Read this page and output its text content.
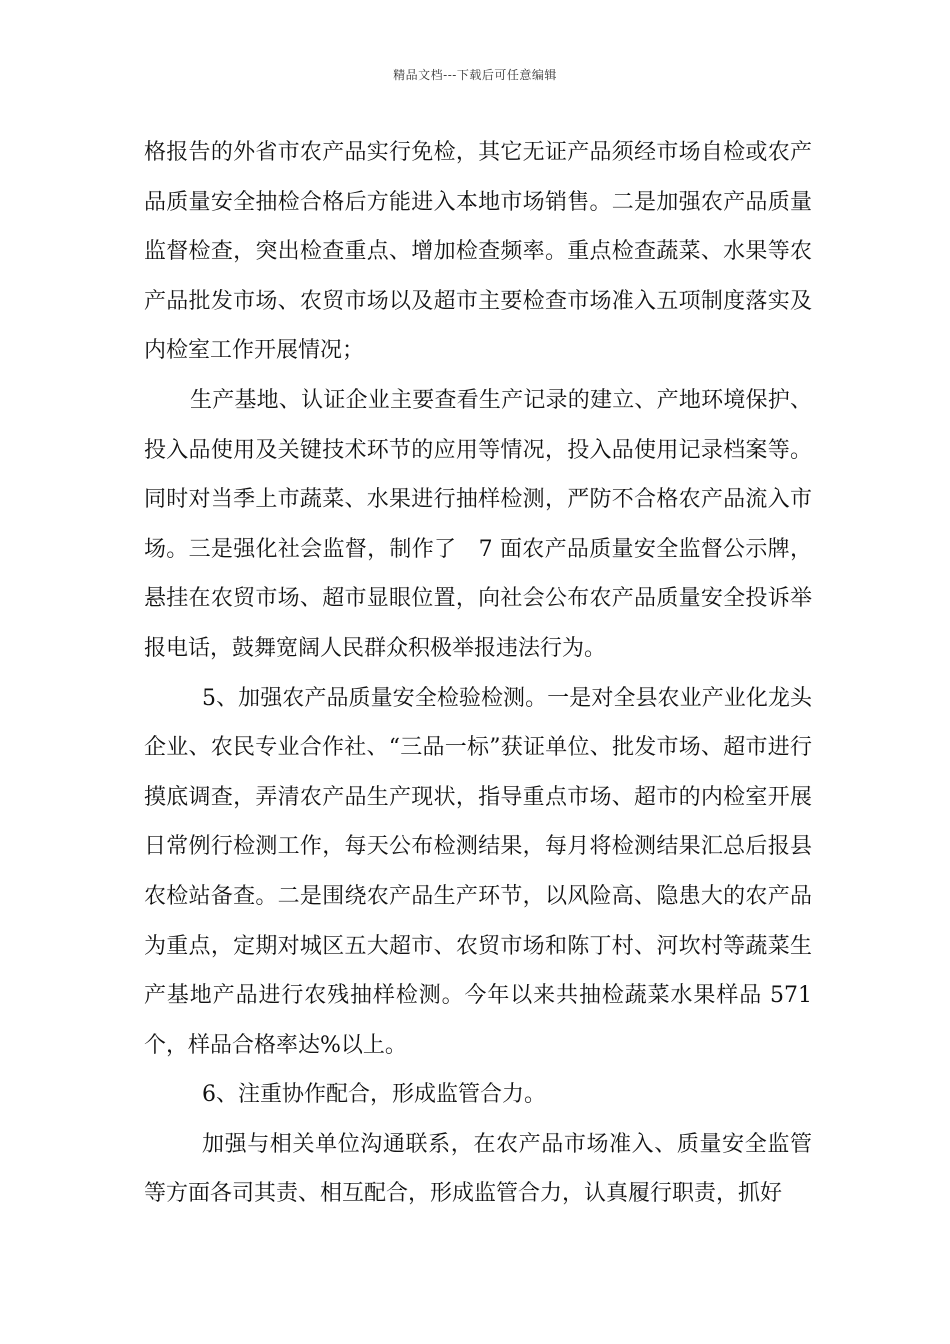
精品文档---下载后可任意编辑

格报告的外省市农产品实行免检，其它无证产品须经市场自检或农产品质量安全抽检合格后方能进入本地市场销售。二是加强农产品质量监督检查，突出检查重点、增加检查频率。重点检查蔬菜、水果等农产品批发市场、农贸市场以及超市主要检查市场准入五项制度落实及内检室工作开展情况；

生产基地、认证企业主要查看生产记录的建立、产地环境保护、投入品使用及关键技术环节的应用等情况，投入品使用记录档案等。同时对当季上市蔬菜、水果进行抽样检测，严防不合格农产品流入市场。三是强化社会监督，制作了　7 面农产品质量安全监督公示牌，悬挂在农贸市场、超市显眼位置，向社会公布农产品质量安全投诉举报电话，鼓舞宽阔人民群众积极举报违法行为。

5、加强农产品质量安全检验检测。一是对全县农业产业化龙头企业、农民专业合作社、“三品一标”获证单位、批发市场、超市进行摸底调查，弄清农产品生产现状，指导重点市场、超市的内检室开展日常例行检测工作，每天公布检测结果，每月将检测结果汇总后报县农检站备查。二是围绕农产品生产环节，以风险高、隐患大的农产品为重点，定期对城区五大超市、农贸市场和陈丁村、河坎村等蔬菜生产基地产品进行农残抽样检测。今年以来共抽检蔬菜水果样品 571 个，样品合格率达%以上。

6、注重协作配合，形成监管合力。

加强与相关单位沟通联系，在农产品市场准入、质量安全监管等方面各司其责、相互配合，形成监管合力，认真履行职责，抓好
